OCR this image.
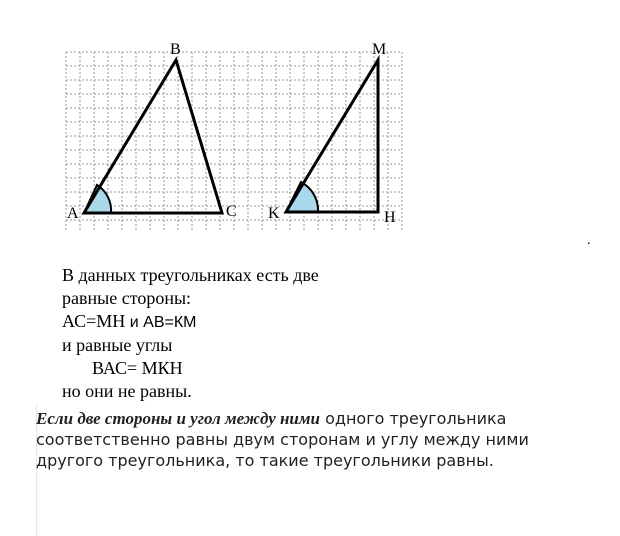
A
B
C K
M
H
.
В данных треугольниках есть две
равные стороны:
АС=МН и AB=КМ
и равные углы
ВАС= МКН
но они не равны.
Если две стороны и угол между ними одного треугольника соответственно равны двум сторонам и углу между ними другого треугольника, то такие треугольники равны.
